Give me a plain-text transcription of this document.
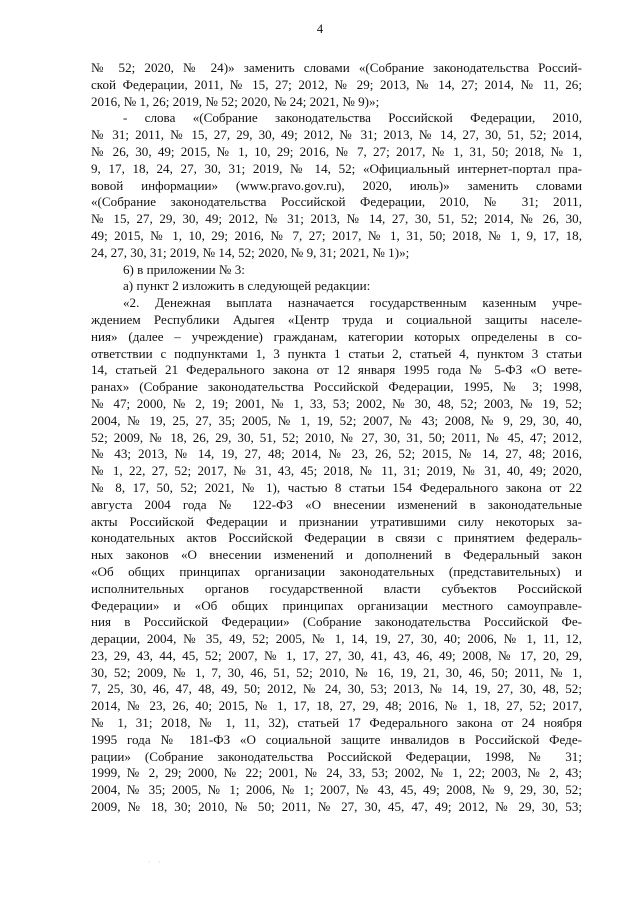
4
№ 52; 2020, № 24)» заменить словами «(Собрание законодательства Россий-
ской Федерации, 2011, № 15, 27; 2012, № 29; 2013, № 14, 27; 2014, № 11, 26;
2016, № 1, 26; 2019, № 52; 2020, № 24; 2021, № 9)»;
- слова «(Собрание законодательства Российской Федерации, 2010,
№ 31; 2011, № 15, 27, 29, 30, 49; 2012, № 31; 2013, № 14, 27, 30, 51, 52; 2014,
№ 26, 30, 49; 2015, № 1, 10, 29; 2016, № 7, 27; 2017, № 1, 31, 50; 2018, № 1,
9, 17, 18, 24, 27, 30, 31; 2019, № 14, 52; «Официальный интернет-портал пра-
вовой информации» (www.pravo.gov.ru), 2020, июль)» заменить словами
«(Собрание законодательства Российской Федерации, 2010, № 31; 2011,
№ 15, 27, 29, 30, 49; 2012, № 31; 2013, № 14, 27, 30, 51, 52; 2014, № 26, 30,
49; 2015, № 1, 10, 29; 2016, № 7, 27; 2017, № 1, 31, 50; 2018, № 1, 9, 17, 18,
24, 27, 30, 31; 2019, № 14, 52; 2020, № 9, 31; 2021, № 1)»;
6) в приложении № 3:
а) пункт 2 изложить в следующей редакции:
«2. Денежная выплата назначается государственным казенным учре-
ждением Республики Адыгея «Центр труда и социальной защиты населе-
ния» (далее – учреждение) гражданам, категории которых определены в со-
ответствии с подпунктами 1, 3 пункта 1 статьи 2, статьей 4, пунктом 3 статьи
14, статьей 21 Федерального закона от 12 января 1995 года № 5-ФЗ «О вете-
ранах» (Собрание законодательства Российской Федерации, 1995, № 3; 1998,
№ 47; 2000, № 2, 19; 2001, № 1, 33, 53; 2002, № 30, 48, 52; 2003, № 19, 52;
2004, № 19, 25, 27, 35; 2005, № 1, 19, 52; 2007, № 43; 2008, № 9, 29, 30, 40,
52; 2009, № 18, 26, 29, 30, 51, 52; 2010, № 27, 30, 31, 50; 2011, № 45, 47; 2012,
№ 43; 2013, № 14, 19, 27, 48; 2014, № 23, 26, 52; 2015, № 14, 27, 48; 2016,
№ 1, 22, 27, 52; 2017, № 31, 43, 45; 2018, № 11, 31; 2019, № 31, 40, 49; 2020,
№ 8, 17, 50, 52; 2021, № 1), частью 8 статьи 154 Федерального закона от 22
августа 2004 года № 122-ФЗ «О внесении изменений в законодательные
акты Российской Федерации и признании утратившими силу некоторых за-
конодательных актов Российской Федерации в связи с принятием федераль-
ных законов «О внесении изменений и дополнений в Федеральный закон
«Об общих принципах организации законодательных (представительных) и
исполнительных органов государственной власти субъектов Российской
Федерации» и «Об общих принципах организации местного самоуправле-
ния в Российской Федерации» (Собрание законодательства Российской Фе-
дерации, 2004, № 35, 49, 52; 2005, № 1, 14, 19, 27, 30, 40; 2006, № 1, 11, 12,
23, 29, 43, 44, 45, 52; 2007, № 1, 17, 27, 30, 41, 43, 46, 49; 2008, № 17, 20, 29,
30, 52; 2009, № 1, 7, 30, 46, 51, 52; 2010, № 16, 19, 21, 30, 46, 50; 2011, № 1,
7, 25, 30, 46, 47, 48, 49, 50; 2012, № 24, 30, 53; 2013, № 14, 19, 27, 30, 48, 52;
2014, № 23, 26, 40; 2015, № 1, 17, 18, 27, 29, 48; 2016, № 1, 18, 27, 52; 2017,
№ 1, 31; 2018, № 1, 11, 32), статьей 17 Федерального закона от 24 ноября
1995 года № 181-ФЗ «О социальной защите инвалидов в Российской Феде-
рации» (Собрание законодательства Российской Федерации, 1998, № 31;
1999, № 2, 29; 2000, № 22; 2001, № 24, 33, 53; 2002, № 1, 22; 2003, № 2, 43;
2004, № 35; 2005, № 1; 2006, № 1; 2007, № 43, 45, 49; 2008, № 9, 29, 30, 52;
2009, № 18, 30; 2010, № 50; 2011, № 27, 30, 45, 47, 49; 2012, № 29, 30, 53;
· ·
